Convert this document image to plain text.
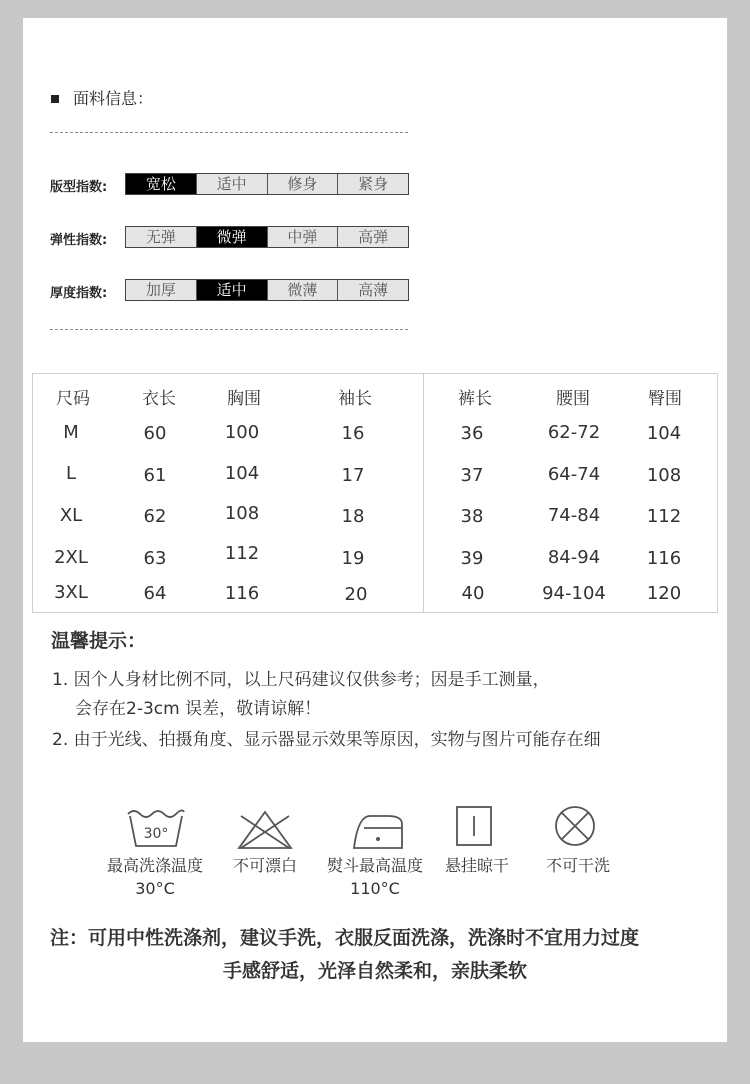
面料信息：
版型指数:	宽松	适中	修身	紧身
弹性指数:	无弹	微弹	中弹	高弹
厚度指数:	加厚	适中	微薄	高薄
尺码	衣长	胸围	袖长	裤长	腰围	臀围
M	60	100	16	36	62-72	104
L	61	104	17	37	64-74	108
XL	62	108	18	38	74-84	112
2XL	63	112	19	39	84-94	116
3XL	64	116	20	40	94-104	120
温馨提示：
1. 因个人身材比例不同，以上尺码建议仅供参考；因是手工测量，
会存在2-3cm 误差，敬请谅解！
2. 由于光线、拍摄角度、显示器显示效果等原因，实物与图片可能存在细
30°
最高洗涤温度
30°C
不可漂白	熨斗最高温度
110°C
悬挂晾干	不可干洗
注：可用中性洗涤剂，建议手洗，衣服反面洗涤，洗涤时不宜用力过度
手感舒适，光泽自然柔和，亲肤柔软
